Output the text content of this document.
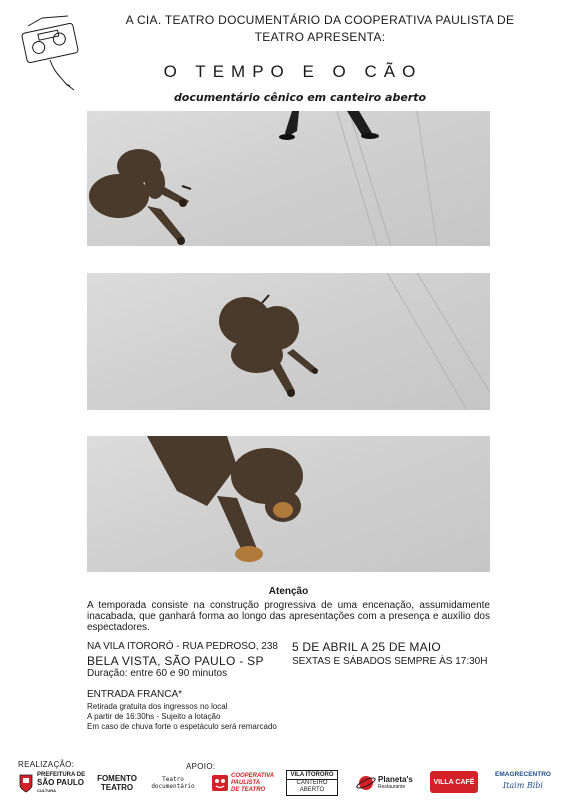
A CIA. TEATRO DOCUMENTÁRIO DA COOPERATIVA PAULISTA DE
TEATRO APRESENTA:
O TEMPO E O CÃO
documentário cênico em canteiro aberto
Atenção
A temporada consiste na construção progressiva de uma encenação, assumidamente inacabada, que ganhará forma ao longo das apresentações com a presença e auxílio dos espectadores.
NA VILA ITORORÓ - RUA PEDROSO, 238
BELA VISTA, SÃO PAULO - SP
Duração: entre 60 e 90 minutos
5 DE ABRIL A 25 DE MAIO
SEXTAS E SÁBADOS SEMPRE ÀS 17:30H
ENTRADA FRANCA*
Retirada gratuita dos ingressos no local
A partir de 16:30hs - Sujeito a lotação
Em caso de chuva forte o espetáculo será remarcado
REALIZAÇÃO:	APOIO:
PREFEITURA DE
SÃO PAULO
CULTURA
FOMENTO
TEATRO
Teatro
documentário
COOPERATIVA
PAULISTA
DE TEATRO
VILA ITORORÓ
CANTEIRO ABERTO
Planeta's
Restaurante
VILLA CAFÉ
EMAGRECENTRO
Itaim Bibi
